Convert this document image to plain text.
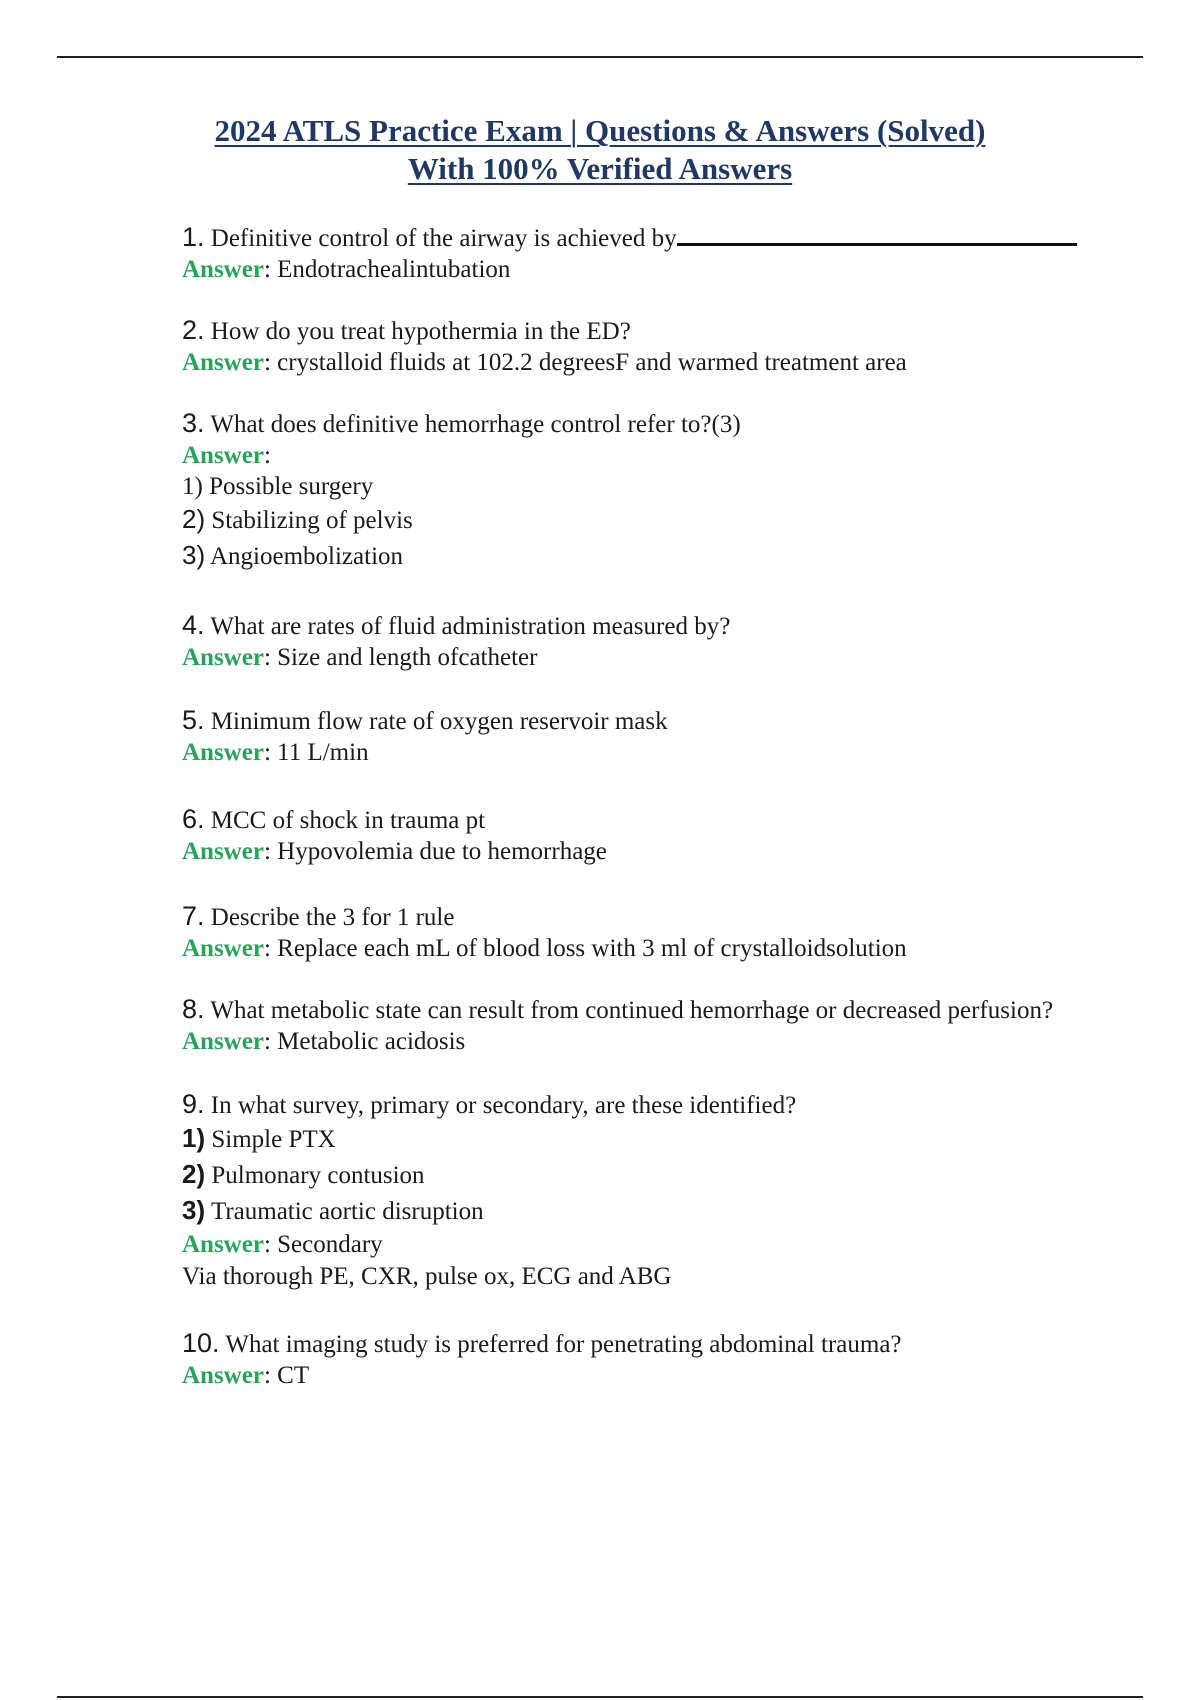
2024 ATLS Practice Exam | Questions & Answers (Solved)
With 100% Verified Answers
1. Definitive control of the airway is achieved by
Answer: Endotrachealintubation
2. How do you treat hypothermia in the ED?
Answer: crystalloid fluids at 102.2 degreesF and warmed treatment area
3. What does definitive hemorrhage control refer to?(3)
Answer:
1) Possible surgery
2) Stabilizing of pelvis
3) Angioembolization
4. What are rates of fluid administration measured by?
Answer: Size and length ofcatheter
5. Minimum flow rate of oxygen reservoir mask
Answer: 11 L/min
6. MCC of shock in trauma pt
Answer: Hypovolemia due to hemorrhage
7. Describe the 3 for 1 rule
Answer: Replace each mL of blood loss with 3 ml of crystalloidsolution
8. What metabolic state can result from continued hemorrhage or decreased perfusion?
Answer: Metabolic acidosis
9. In what survey, primary or secondary, are these identified?
1) Simple PTX
2) Pulmonary contusion
3) Traumatic aortic disruption
Answer: Secondary
Via thorough PE, CXR, pulse ox, ECG and ABG
10. What imaging study is preferred for penetrating abdominal trauma?
Answer: CT
